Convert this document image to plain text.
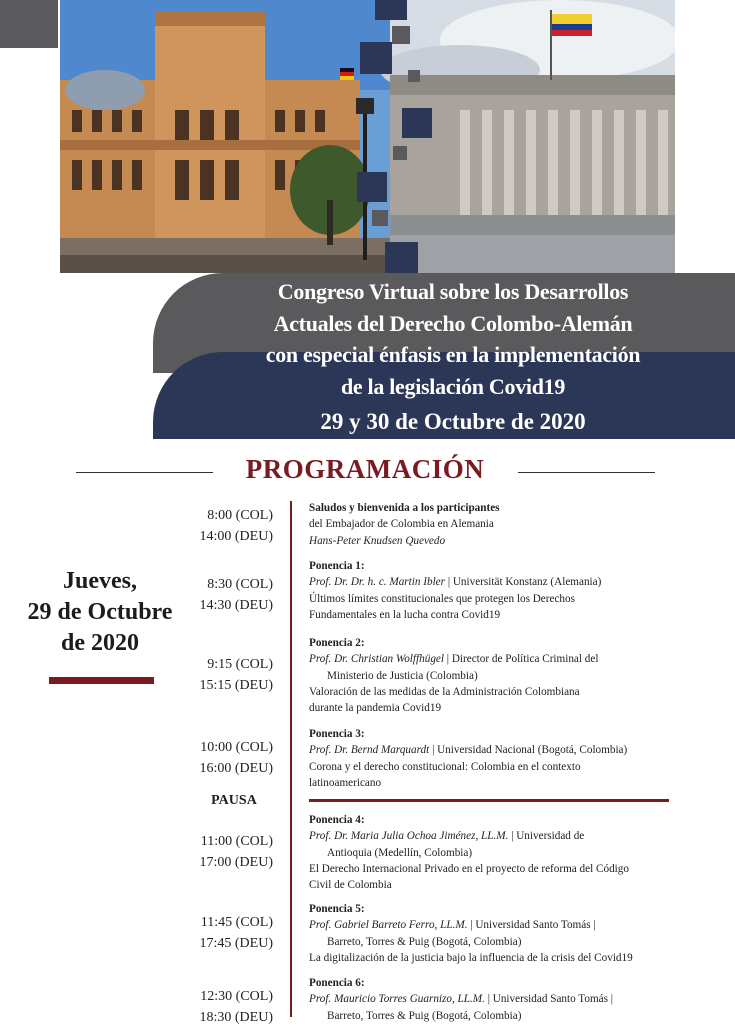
Congreso Virtual sobre los Desarrollos
Actuales del Derecho Colombo-Alemán
con especial énfasis en la implementación
de la legislación Covid19
29 y 30 de Octubre de 2020
PROGRAMACIÓN
Jueves,
29 de Octubre
de 2020
8:00 (COL)
14:00 (DEU)
Saludos y bienvenida a los participantes
del Embajador de Colombia en Alemania
Hans-Peter Knudsen Quevedo
8:30 (COL)
14:30 (DEU)
Ponencia 1:
Prof. Dr. Dr. h. c. Martin Ibler | Universität Konstanz (Alemania)
Últimos límites constitucionales que protegen los Derechos
Fundamentales en la lucha contra Covid19
9:15 (COL)
15:15 (DEU)
Ponencia 2:
Prof. Dr. Christian Wolffhügel | Director de Política Criminal del
Ministerio de Justicia (Colombia)
Valoración de las medidas de la Administración Colombiana
durante la pandemia Covid19
10:00 (COL)
16:00 (DEU)
Ponencia 3:
Prof. Dr. Bernd Marquardt | Universidad Nacional (Bogotá, Colombia)
Corona y el derecho constitucional: Colombia en el contexto
latinoamericano
PAUSA
11:00 (COL)
17:00 (DEU)
Ponencia 4:
Prof. Dr. Maria Julia Ochoa Jiménez, LL.M. | Universidad de
Antioquia (Medellín, Colombia)
El Derecho Internacional Privado en el proyecto de reforma del Código
Civil de Colombia
11:45 (COL)
17:45 (DEU)
Ponencia 5:
Prof. Gabriel Barreto Ferro, LL.M. | Universidad Santo Tomás |
Barreto, Torres & Puig (Bogotá, Colombia)
La digitalización de la justicia bajo la influencia de la crisis del Covid19
12:30 (COL)
18:30 (DEU)
Ponencia 6:
Prof. Mauricio Torres Guarnizo, LL.M. | Universidad Santo Tomás |
Barreto, Torres & Puig (Bogotá, Colombia)
